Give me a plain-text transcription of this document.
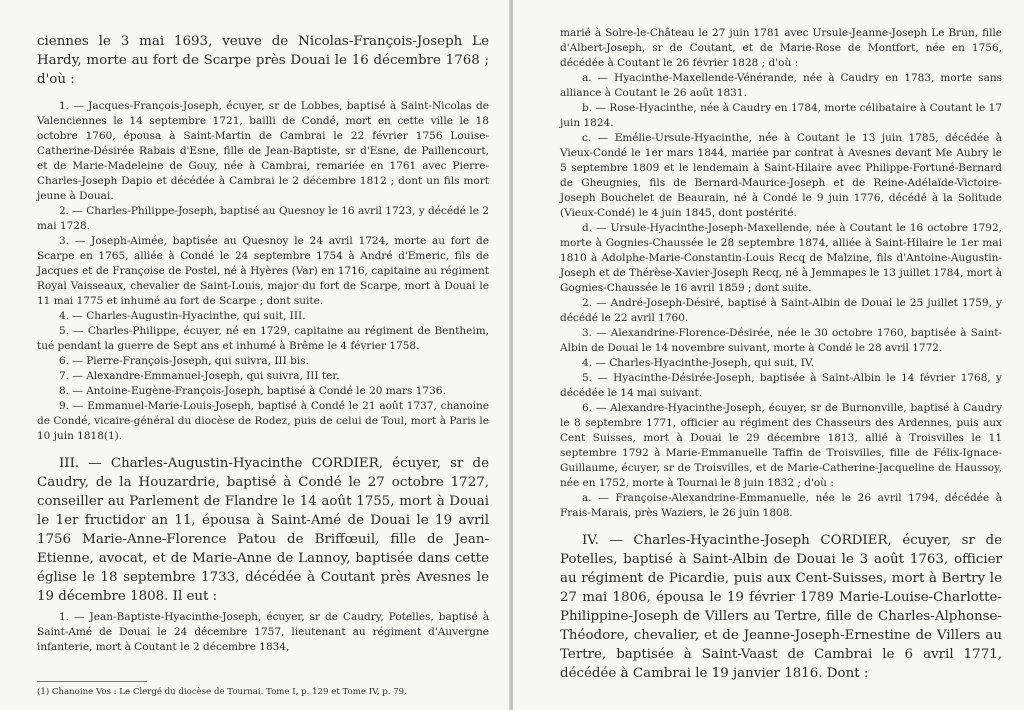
ciennes le 3 mai 1693, veuve de Nicolas-François-Joseph Le Hardy, morte au fort de Scarpe près Douai le 16 décembre 1768 ; d'où :

1. — Jacques-François-Joseph, écuyer, sr de Lobbes, baptisé à Saint-Nicolas de Valenciennes le 14 septembre 1721, bailli de Condé, mort en cette ville le 18 octobre 1760, épousa à Saint-Martin de Cambrai le 22 février 1756 Louise-Catherine-Désirée Rabais d'Esne, fille de Jean-Baptiste, sr d'Esne, de Paillencourt, et de Marie-Madeleine de Gouy, née à Cambrai, remariée en 1761 avec Pierre-Charles-Joseph Dapio et décédée à Cambrai le 2 décembre 1812 ; dont un fils mort jeune à Douai.

2. — Charles-Philippe-Joseph, baptisé au Quesnoy le 16 avril 1723, y décédé le 2 mai 1728.

3. — Joseph-Aimée, baptisée au Quesnoy le 24 avril 1724, morte au fort de Scarpe en 1765, alliée à Condé le 24 septembre 1754 à André d'Emeric, fils de Jacques et de Françoise de Postel, né à Hyères (Var) en 1716, capitaine au régiment Royal Vaisseaux, chevalier de Saint-Louis, major du fort de Scarpe, mort à Douai le 11 mai 1775 et inhumé au fort de Scarpe ; dont suite.

4. — Charles-Augustin-Hyacinthe, qui suit, III.

5. — Charles-Philippe, écuyer, né en 1729, capitaine au régiment de Bentheim, tué pendant la guerre de Sept ans et inhumé à Brême le 4 février 1758.

6. — Pierre-François-Joseph, qui suivra, III bis.

7. — Alexandre-Emmanuel-Joseph, qui suivra, III ter.

8. — Antoine-Eugène-François-Joseph, baptisé à Condé le 20 mars 1736.

9. — Emmanuel-Marie-Louis-Joseph, baptisé à Condé le 21 août 1737, chanoine de Condé, vicaire-général du diocèse de Rodez, puis de celui de Toul, mort à Paris le 10 juin 1818(1).

III. — Charles-Augustin-Hyacinthe CORDIER, écuyer, sr de Caudry, de la Houzardrie, baptisé à Condé le 27 octobre 1727, conseiller au Parlement de Flandre le 14 août 1755, mort à Douai le 1er fructidor an 11, épousa à Saint-Amé de Douai le 19 avril 1756 Marie-Anne-Florence Patou de Briffœuil, fille de Jean-Etienne, avocat, et de Marie-Anne de Lannoy, baptisée dans cette église le 18 septembre 1733, décédée à Coutant près Avesnes le 19 décembre 1808. Il eut :

1. — Jean-Baptiste-Hyacinthe-Joseph, écuyer, sr de Caudry, Potelles, baptisé à Saint-Amé de Douai le 24 décembre 1757, lieutenant au régiment d'Auvergne infanterie, mort à Coutant le 2 décembre 1834,

(1) Chanoine Vos : Le Clergé du diocèse de Tournai. Tome I, p. 129 et Tome IV, p. 79.

marié à Solre-le-Château le 27 juin 1781 avec Ursule-Jeanne-Joseph Le Brun, fille d'Albert-Joseph, sr de Coutant, et de Marie-Rose de Montfort, née en 1756, décédée à Coutant le 26 février 1828 ; d'où :

a. — Hyacinthe-Maxellende-Vénérande, née à Caudry en 1783, morte sans alliance à Coutant le 26 août 1831.

b. — Rose-Hyacinthe, née à Caudry en 1784, morte célibataire à Coutant le 17 juin 1824.

c. — Emélie-Ursule-Hyacinthe, née à Coutant le 13 juin 1785, décédée à Vieux-Condé le 1er mars 1844, mariée par contrat à Avesnes devant Me Aubry le 5 septembre 1809 et le lendemain à Saint-Hilaire avec Philippe-Fortuné-Bernard de Gheugnies, fils de Bernard-Maurice-Joseph et de Reine-Adélaïde-Victoire-Joseph Bouchelet de Beaurain, né à Condé le 9 juin 1776, décédé à la Solitude (Vieux-Condé) le 4 juin 1845, dont postérité.

d. — Ursule-Hyacinthe-Joseph-Maxellende, née à Coutant le 16 octobre 1792, morte à Gognies-Chaussée le 28 septembre 1874, alliée à Saint-Hilaire le 1er mai 1810 à Adolphe-Marie-Constantin-Louis Recq de Malzine, fils d'Antoine-Augustin-Joseph et de Thérèse-Xavier-Joseph Recq, né à Jemmapes le 13 juillet 1784, mort à Gognies-Chaussée le 16 avril 1859 ; dont suite.

2. — André-Joseph-Désiré, baptisé à Saint-Albin de Douai le 25 juillet 1759, y décédé le 22 avril 1760.

3. — Alexandrine-Florence-Désirée, née le 30 octobre 1760, baptisée à Saint-Albin de Douai le 14 novembre suivant, morte à Condé le 28 avril 1772.

4. — Charles-Hyacinthe-Joseph, qui suit, IV.

5. — Hyacinthe-Désirée-Joseph, baptisée à Saint-Albin le 14 février 1768, y décédée le 14 mai suivant.

6. — Alexandre-Hyacinthe-Joseph, écuyer, sr de Burnonville, baptisé à Caudry le 8 septembre 1771, officier au régiment des Chasseurs des Ardennes, puis aux Cent Suisses, mort à Douai le 29 décembre 1813, allié à Troisvilles le 11 septembre 1792 à Marie-Emmanuelle Taffin de Troisvilles, fille de Félix-Ignace-Guillaume, écuyer, sr de Troisvilles, et de Marie-Catherine-Jacqueline de Haussoy, née en 1752, morte à Tournai le 8 juin 1832 ; d'où :

a. — Françoise-Alexandrine-Emmanuelle, née le 26 avril 1794, décédée à Frais-Marais, près Waziers, le 26 juin 1808.

IV. — Charles-Hyacinthe-Joseph CORDIER, écuyer, sr de Potelles, baptisé à Saint-Albin de Douai le 3 août 1763, officier au régiment de Picardie, puis aux Cent-Suisses, mort à Bertry le 27 mai 1806, épousa le 19 février 1789 Marie-Louise-Charlotte-Philippine-Joseph de Villers au Tertre, fille de Charles-Alphonse-Théodore, chevalier, et de Jeanne-Joseph-Ernestine de Villers au Tertre, baptisée à Saint-Vaast de Cambrai le 6 avril 1771, décédée à Cambrai le 19 janvier 1816. Dont :
